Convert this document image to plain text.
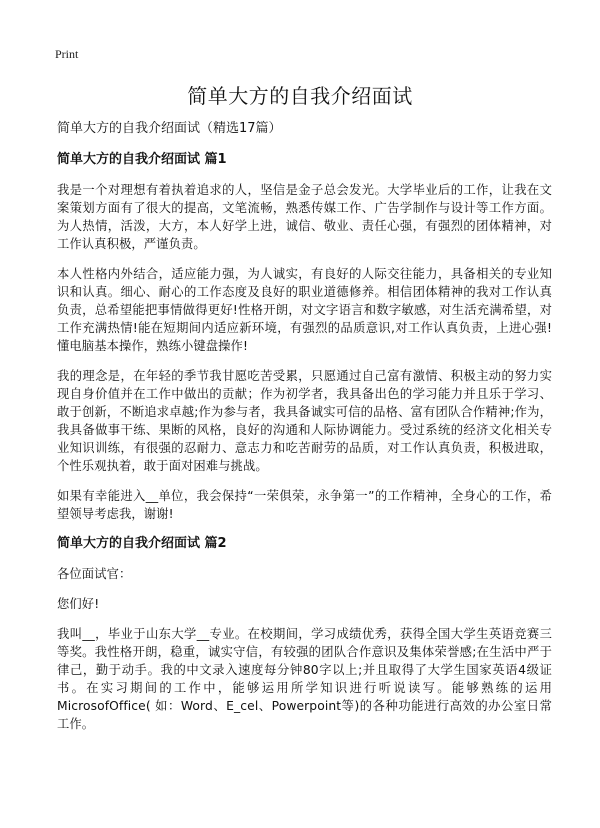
Print

简单大方的自我介绍面试

简单大方的自我介绍面试（精选17篇）

简单大方的自我介绍面试 篇1

我是一个对理想有着执着追求的人，坚信是金子总会发光。大学毕业后的工作，让我在文案策划方面有了很大的提高，文笔流畅，熟悉传媒工作、广告学制作与设计等工作方面。为人热情，活泼，大方，本人好学上进，诚信、敬业、责任心强，有强烈的团体精神，对工作认真积极，严谨负责。

本人性格内外结合，适应能力强，为人诚实，有良好的人际交往能力，具备相关的专业知识和认真。细心、耐心的工作态度及良好的职业道德修养。相信团体精神的我对工作认真负责，总希望能把事情做得更好!性格开朗，对文字语言和数字敏感，对生活充满希望，对工作充满热情!能在短期间内适应新环境，有强烈的品质意识,对工作认真负责，上进心强!懂电脑基本操作，熟练小键盘操作!

我的理念是，在年轻的季节我甘愿吃苦受累，只愿通过自己富有激情、积极主动的努力实现自身价值并在工作中做出的贡献；作为初学者，我具备出色的学习能力并且乐于学习、敢于创新，不断追求卓越;作为参与者，我具备诚实可信的品格、富有团队合作精神;作为，我具备做事干练、果断的风格，良好的沟通和人际协调能力。受过系统的经济文化相关专业知识训练，有很强的忍耐力、意志力和吃苦耐劳的品质，对工作认真负责，积极进取，个性乐观执着，敢于面对困难与挑战。

如果有幸能进入__单位，我会保持“一荣俱荣，永争第一”的工作精神，全身心的工作，希望领导考虑我，谢谢!

简单大方的自我介绍面试 篇2

各位面试官：

您们好!

我叫__，毕业于山东大学__专业。在校期间，学习成绩优秀，获得全国大学生英语竞赛三等奖。我性格开朗，稳重，诚实守信，有较强的团队合作意识及集体荣誉感;在生活中严于律己，勤于动手。我的中文录入速度每分钟80字以上;并且取得了大学生国家英语4级证书。在实习期间的工作中，能够运用所学知识进行听说读写。能够熟练的运用MicrosofOffice( 如：Word、E_cel、Powerpoint等)的各种功能进行高效的办公室日常工作。
